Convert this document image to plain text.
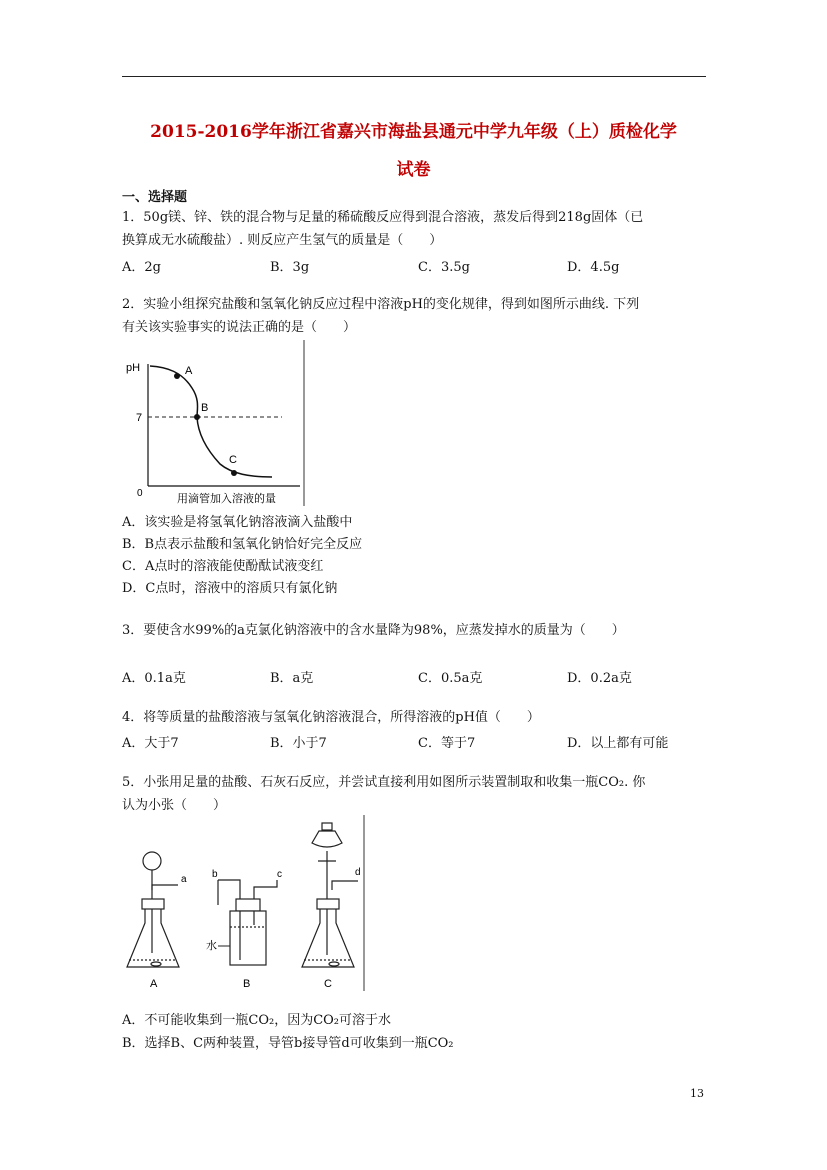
2015-2016学年浙江省嘉兴市海盐县通元中学九年级（上）质检化学
试卷
一、选择题
1．50g镁、锌、铁的混合物与足量的稀硫酸反应得到混合溶液，蒸发后得到218g固体（已
换算成无水硫酸盐）. 则反应产生氢气的质量是（　　）
A．2g	B．3g	C．3.5g	D．4.5g
2．实验小组探究盐酸和氢氧化钠反应过程中溶液pH的变化规律，得到如图所示曲线. 下列
有关该实验事实的说法正确的是（　　）
pH
7
0
A
B
C
用滴管加入溶液的量
A．该实验是将氢氧化钠溶液滴入盐酸中
B．B点表示盐酸和氢氧化钠恰好完全反应
C．A点时的溶液能使酚酞试液变红
D．C点时，溶液中的溶质只有氯化钠
3．要使含水99%的a克氯化钠溶液中的含水量降为98%，应蒸发掉水的质量为（　　）
A．0.1a克	B．a克	C．0.5a克	D．0.2a克
4．将等质量的盐酸溶液与氢氧化钠溶液混合，所得溶液的pH值（　　）
A．大于7	B．小于7	C．等于7	D．以上都有可能
5．小张用足量的盐酸、石灰石反应，并尝试直接利用如图所示装置制取和收集一瓶CO₂. 你
认为小张（　　）
a
A
b	c
水
B
d
C
A．不可能收集到一瓶CO₂，因为CO₂可溶于水
B．选择B、C两种装置，导管b接导管d可收集到一瓶CO₂
13
